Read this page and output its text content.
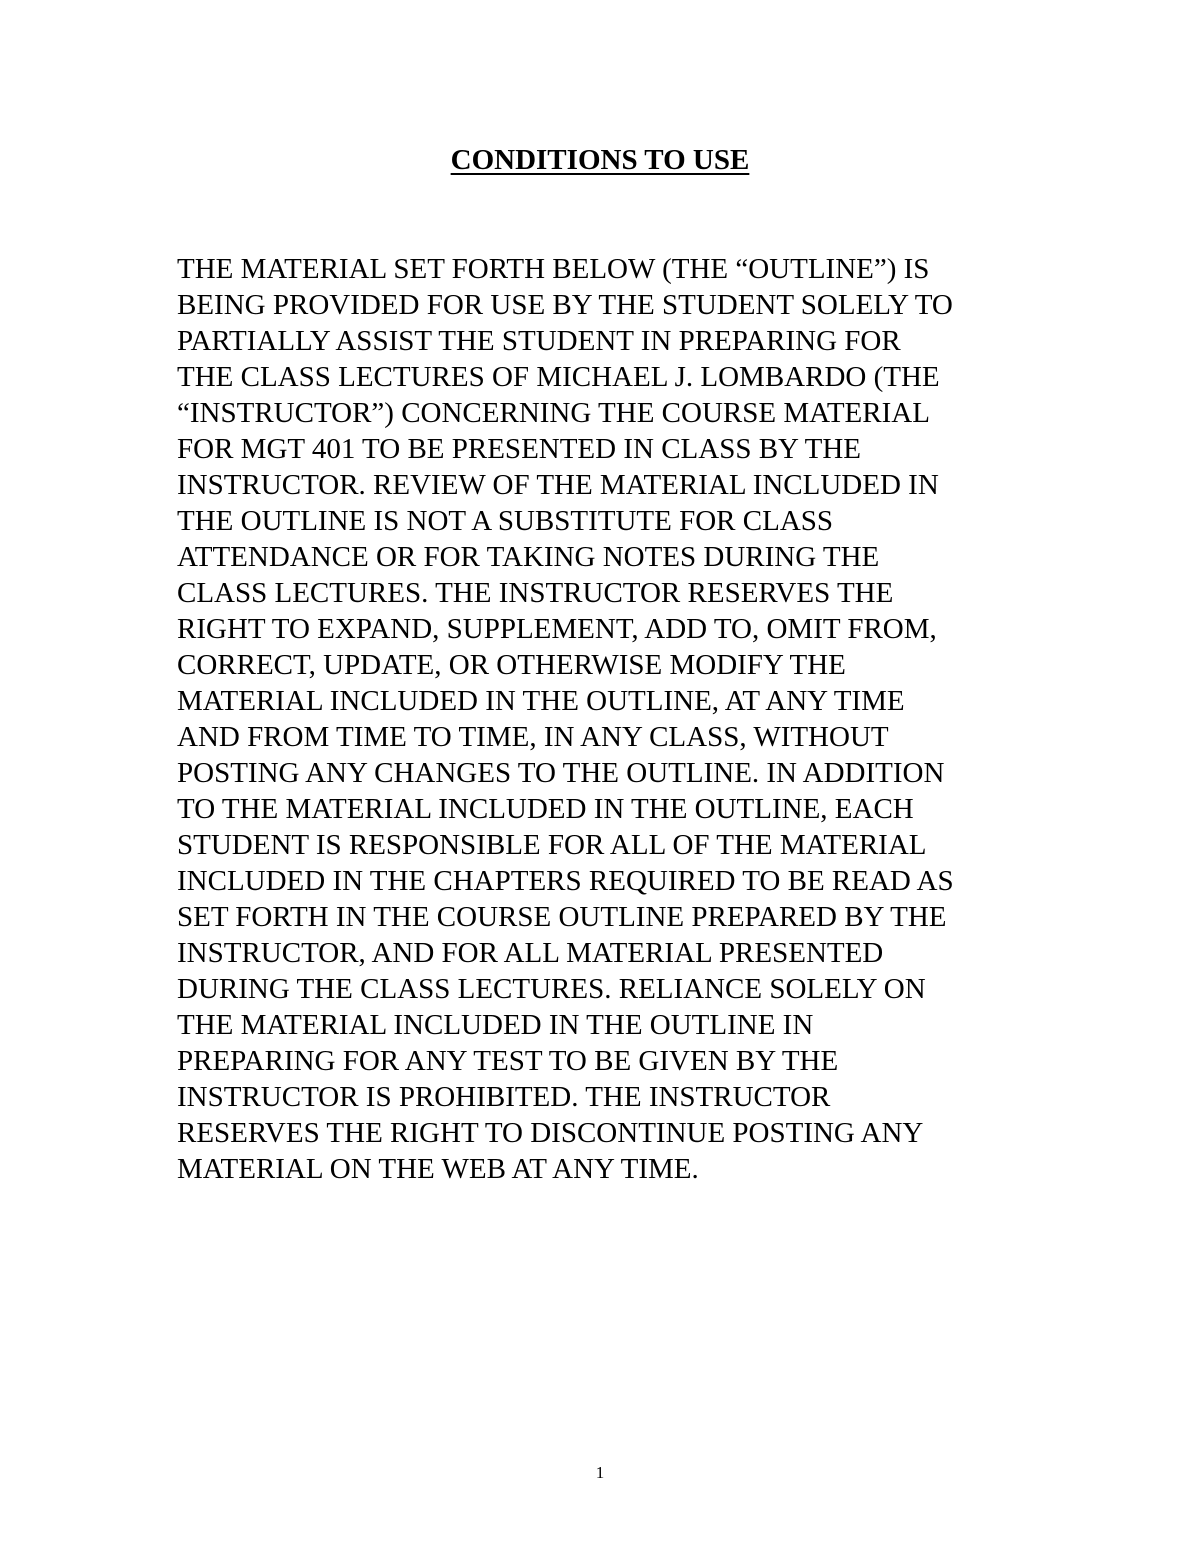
CONDITIONS TO USE
THE MATERIAL SET FORTH BELOW (THE “OUTLINE”) IS
BEING PROVIDED FOR USE BY THE STUDENT SOLELY TO
PARTIALLY ASSIST THE STUDENT IN PREPARING FOR
THE CLASS LECTURES OF MICHAEL J. LOMBARDO (THE
“INSTRUCTOR”) CONCERNING THE COURSE MATERIAL
FOR MGT 401 TO BE PRESENTED IN CLASS BY THE
INSTRUCTOR. REVIEW OF THE MATERIAL INCLUDED IN
THE OUTLINE IS NOT A SUBSTITUTE FOR CLASS
ATTENDANCE OR FOR TAKING NOTES DURING THE
CLASS LECTURES. THE INSTRUCTOR RESERVES THE
RIGHT TO EXPAND, SUPPLEMENT, ADD TO, OMIT FROM,
CORRECT, UPDATE, OR OTHERWISE MODIFY THE
MATERIAL INCLUDED IN THE OUTLINE, AT ANY TIME
AND FROM TIME TO TIME, IN ANY CLASS, WITHOUT
POSTING ANY CHANGES TO THE OUTLINE. IN ADDITION
TO THE MATERIAL INCLUDED IN THE OUTLINE, EACH
STUDENT IS RESPONSIBLE FOR ALL OF THE MATERIAL
INCLUDED IN THE CHAPTERS REQUIRED TO BE READ AS
SET FORTH IN THE COURSE OUTLINE PREPARED BY THE
INSTRUCTOR, AND FOR ALL MATERIAL PRESENTED
DURING THE CLASS LECTURES. RELIANCE SOLELY ON
THE MATERIAL INCLUDED IN THE OUTLINE IN
PREPARING FOR ANY TEST TO BE GIVEN BY THE
INSTRUCTOR IS PROHIBITED. THE INSTRUCTOR
RESERVES THE RIGHT TO DISCONTINUE POSTING ANY
MATERIAL ON THE WEB AT ANY TIME.
1
